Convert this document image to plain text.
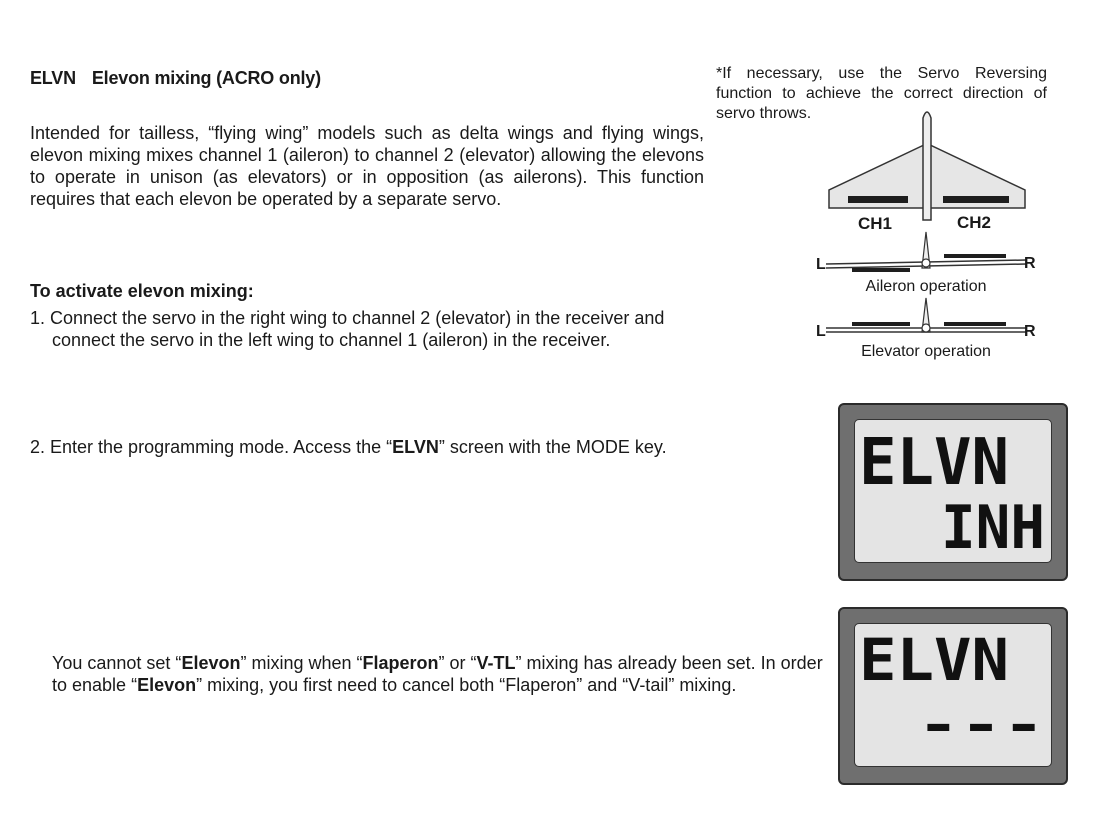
ELVN Elevon mixing (ACRO only)
Intended for tailless, “flying wing” models such as delta wings and flying wings, elevon mixing mixes channel 1 (aileron) to channel 2 (elevator) allowing the elevons to operate in unison (as elevators) or in opposition (as ailerons). This function requires that each elevon be operated by a separate servo.
To activate elevon mixing:
1. Connect the servo in the right wing to channel 2 (elevator) in the receiver and
connect the servo in the left wing to channel 1 (aileron) in the receiver.
2. Enter the programming mode. Access the “ELVN” screen with the MODE key.
You cannot set “Elevon” mixing when “Flaperon” or “V-TL” mixing has already been set. In order to enable “Elevon” mixing, you first need to cancel both “Flaperon” and “V-tail” mixing.
*If necessary, use the Servo Reversing function to achieve the correct direction of servo throws.
CH1	CH2
L	R
Aileron operation
L	R
Elevator operation
ELVN
INH
ELVN
---
